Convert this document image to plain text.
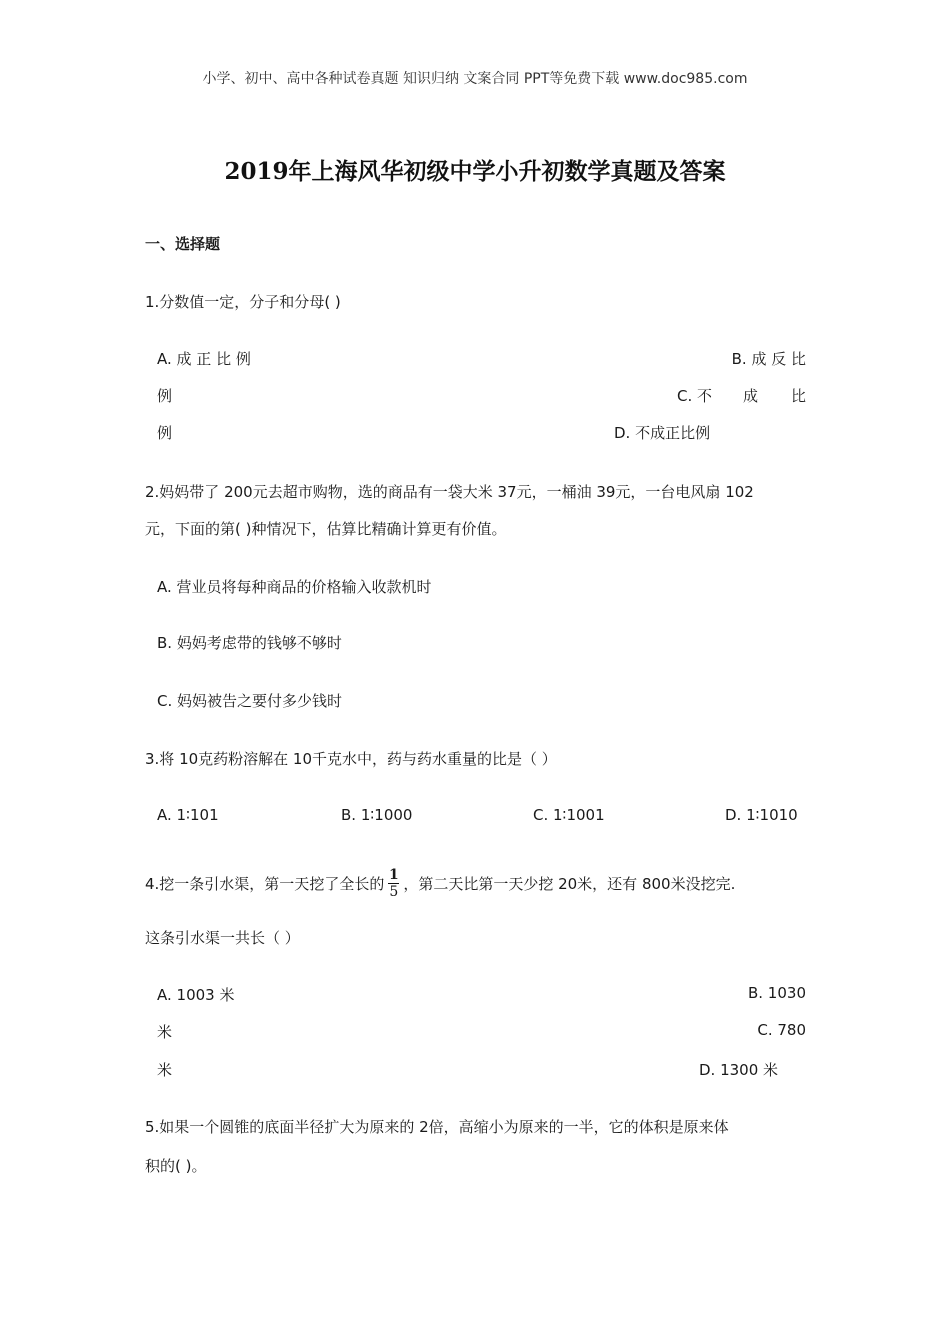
小学、初中、高中各种试卷真题 知识归纳 文案合同 PPT等免费下载 www.doc985.com
2019年上海风华初级中学小升初数学真题及答案
一、选择题
1.分数值一定，分子和分母( )
A. 成 正 比 例	B. 成 反 比
例	C. 不 成 比
例	D. 不成正比例
2.妈妈带了 200元去超市购物，选的商品有一袋大米 37元，一桶油 39元，一台电风扇 102
元，下面的第( )种情况下，估算比精确计算更有价值。
A. 营业员将每种商品的价格输入收款机时
B. 妈妈考虑带的钱够不够时
C. 妈妈被告之要付多少钱时
3.将 10克药粉溶解在 10千克水中，药与药水重量的比是（ ）
A. 1∶101	B. 1∶1000	C. 1∶1001	D. 1∶1010
4.挖一条引水渠，第一天挖了全长的 $\frac{1}{5}$ ，第二天比第一天少挖 20米，还有 800米没挖完.
这条引水渠一共长（ ）
A. 1003 米	B. 1030
米	C. 780
米	D. 1300 米
5.如果一个圆锥的底面半径扩大为原来的 2倍，高缩小为原来的一半，它的体积是原来体
积的( )。
